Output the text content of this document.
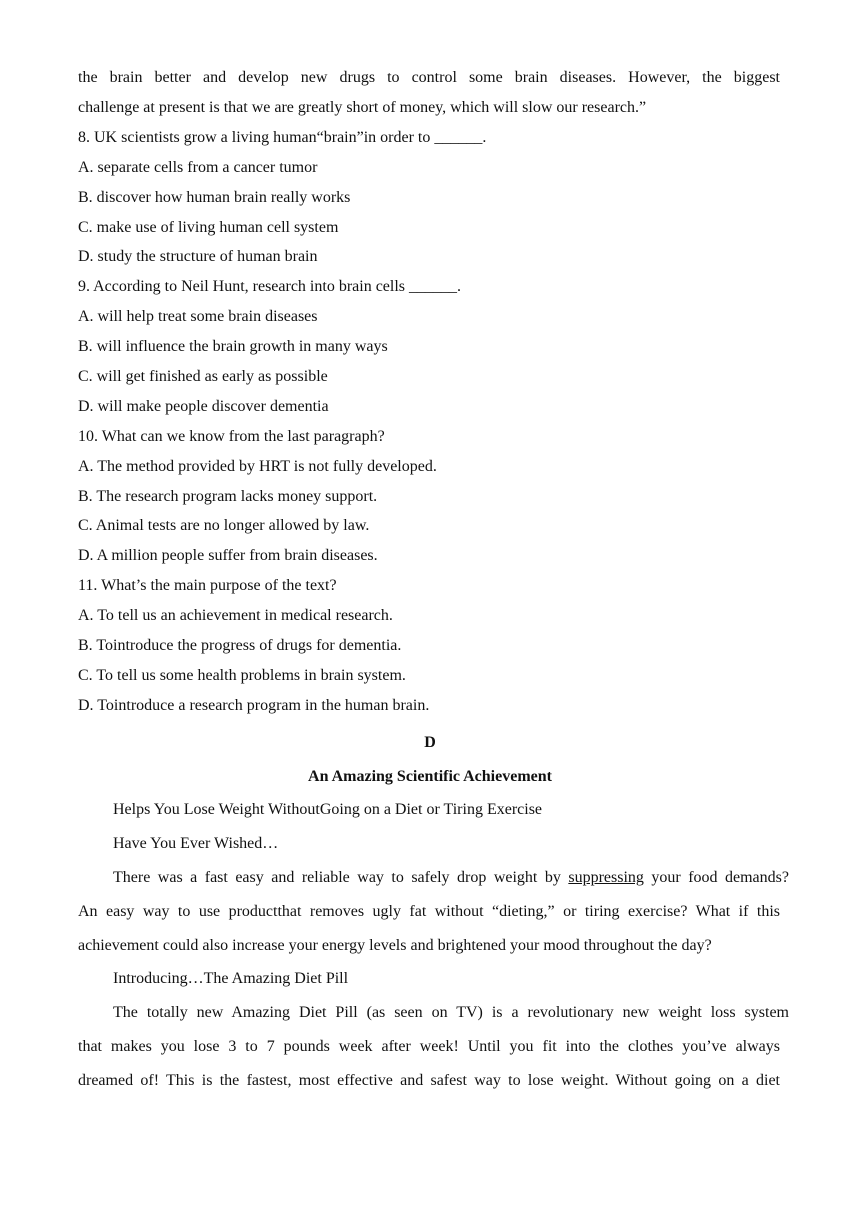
the brain better and develop new drugs to control some brain diseases. However, the biggest
challenge at present is that we are greatly short of money, which will slow our research.”
8. UK scientists grow a living human“brain”in order to ______.
A. separate cells from a cancer tumor
B. discover how human brain really works
C. make use of living human cell system
D. study the structure of human brain
9. According to Neil Hunt, research into brain cells ______.
A. will help treat some brain diseases
B. will influence the brain growth in many ways
C. will get finished as early as possible
D. will make people discover dementia
10. What can we know from the last paragraph?
A. The method provided by HRT is not fully developed.
B. The research program lacks money support.
C. Animal tests are no longer allowed by law.
D. A million people suffer from brain diseases.
11. What’s the main purpose of the text?
A. To tell us an achievement in medical research.
B. Tointroduce the progress of drugs for dementia.
C. To tell us some health problems in brain system.
D. Tointroduce a research program in the human brain.
D
An Amazing Scientific Achievement
Helps You Lose Weight WithoutGoing on a Diet or Tiring Exercise
Have You Ever Wished…
There was a fast easy and reliable way to safely drop weight by suppressing your food demands?
An easy way to use productthat removes ugly fat without “dieting,” or tiring exercise? What if this
achievement could also increase your energy levels and brightened your mood throughout the day?
Introducing…The Amazing Diet Pill
The totally new Amazing Diet Pill (as seen on TV) is a revolutionary new weight loss system
that makes you lose 3 to 7 pounds week after week! Until you fit into the clothes you’ve always
dreamed of! This is the fastest, most effective and safest way to lose weight. Without going on a diet
